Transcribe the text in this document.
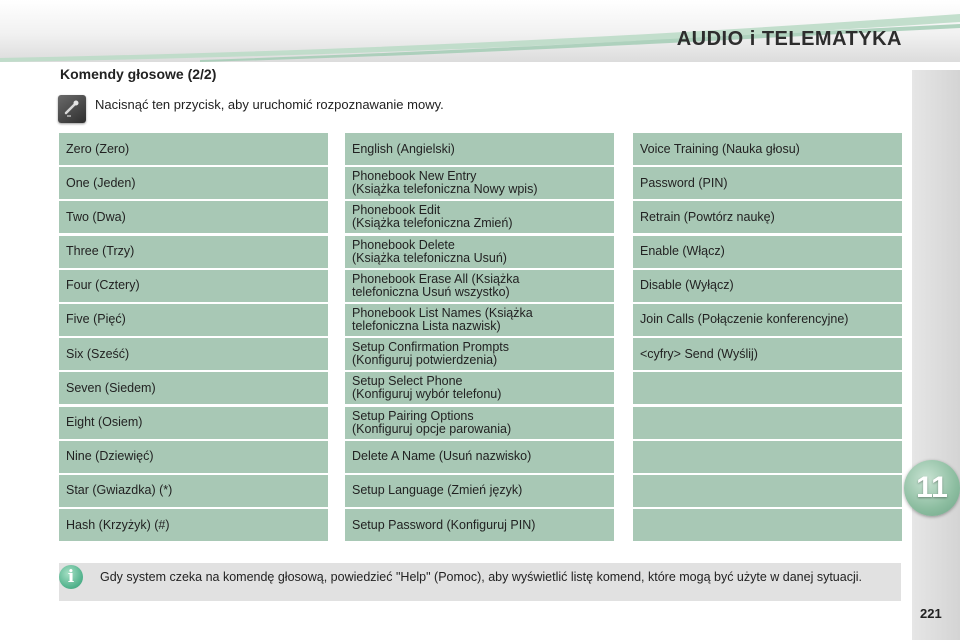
AUDIO i TELEMATYKA
11
Komendy głosowe (2/2)
Nacisnąć ten przycisk, aby uruchomić rozpoznawanie mowy.
Zero (Zero)
One (Jeden)
Two (Dwa)
Three (Trzy)
Four (Cztery)
Five (Pięć)
Six (Sześć)
Seven (Siedem)
Eight (Osiem)
Nine (Dziewięć)
Star (Gwiazdka) (*)
Hash (Krzyżyk) (#)
English (Angielski)
Phonebook New Entry
(Książka telefoniczna Nowy wpis)
Phonebook Edit
(Książka telefoniczna Zmień)
Phonebook Delete
(Książka telefoniczna Usuń)
Phonebook Erase All (Książka
telefoniczna Usuń wszystko)
Phonebook List Names (Książka
telefoniczna Lista nazwisk)
Setup Confirmation Prompts
(Konfiguruj potwierdzenia)
Setup Select Phone
(Konfiguruj wybór telefonu)
Setup Pairing Options
(Konfiguruj opcje parowania)
Delete A Name (Usuń nazwisko)
Setup Language (Zmień język)
Setup Password (Konfiguruj PIN)
Voice Training (Nauka głosu)
Password (PIN)
Retrain (Powtórz naukę)
Enable (Włącz)
Disable (Wyłącz)
Join Calls (Połączenie konferencyjne)
<cyfry> Send (Wyślij)
i	Gdy system czeka na komendę głosową, powiedzieć "Help" (Pomoc), aby wyświetlić listę komend, które mogą być użyte w danej sytuacji.
221
